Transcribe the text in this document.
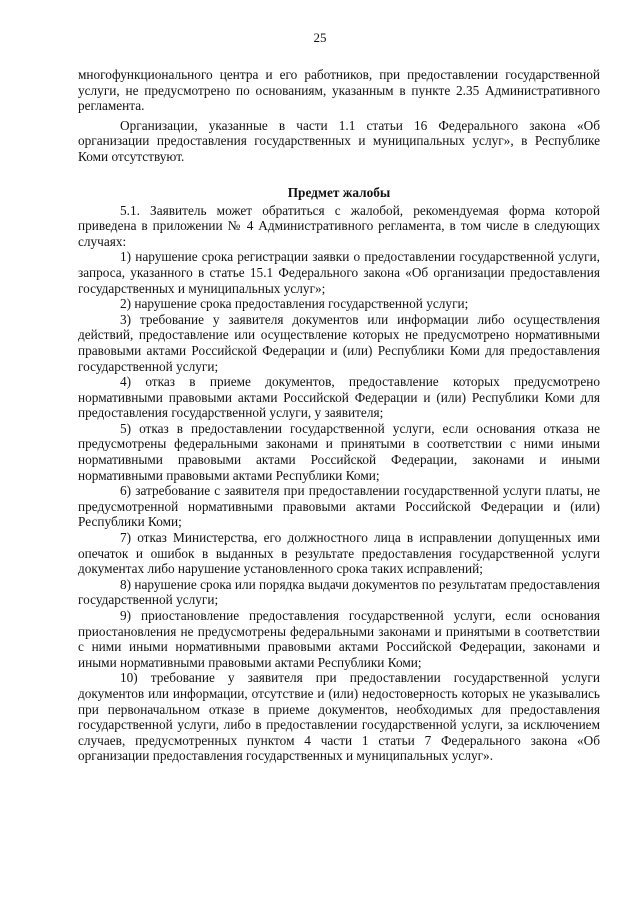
25

многофункционального центра и его работников, при предоставлении государственной услуги, не предусмотрено по основаниям, указанным в пункте 2.35 Административного регламента.

Организации, указанные в части 1.1 статьи 16 Федерального закона «Об организации предоставления государственных и муниципальных услуг», в Республике Коми отсутствуют.

Предмет жалобы

5.1. Заявитель может обратиться с жалобой, рекомендуемая форма которой приведена в приложении № 4 Административного регламента, в том числе в следующих случаях:

1) нарушение срока регистрации заявки о предоставлении государственной услуги, запроса, указанного в статье 15.1 Федерального закона «Об организации предоставления государственных и муниципальных услуг»;

2) нарушение срока предоставления государственной услуги;

3) требование у заявителя документов или информации либо осуществления действий, предоставление или осуществление которых не предусмотрено нормативными правовыми актами Российской Федерации и (или) Республики Коми для предоставления государственной услуги;

4) отказ в приеме документов, предоставление которых предусмотрено нормативными правовыми актами Российской Федерации и (или) Республики Коми для предоставления государственной услуги, у заявителя;

5) отказ в предоставлении государственной услуги, если основания отказа не предусмотрены федеральными законами и принятыми в соответствии с ними иными нормативными правовыми актами Российской Федерации, законами и иными нормативными правовыми актами Республики Коми;

6) затребование с заявителя при предоставлении государственной услуги платы, не предусмотренной нормативными правовыми актами Российской Федерации и (или) Республики Коми;

7) отказ Министерства, его должностного лица в исправлении допущенных ими опечаток и ошибок в выданных в результате предоставления государственной услуги документах либо нарушение установленного срока таких исправлений;

8) нарушение срока или порядка выдачи документов по результатам предоставления государственной услуги;

9) приостановление предоставления государственной услуги, если основания приостановления не предусмотрены федеральными законами и принятыми в соответствии с ними иными нормативными правовыми актами Российской Федерации, законами и иными нормативными правовыми актами Республики Коми;

10) требование у заявителя при предоставлении государственной услуги документов или информации, отсутствие и (или) недостоверность которых не указывались при первоначальном отказе в приеме документов, необходимых для предоставления государственной услуги, либо в предоставлении государственной услуги, за исключением случаев, предусмотренных пунктом 4 части 1 статьи 7 Федерального закона «Об организации предоставления государственных и муниципальных услуг».
